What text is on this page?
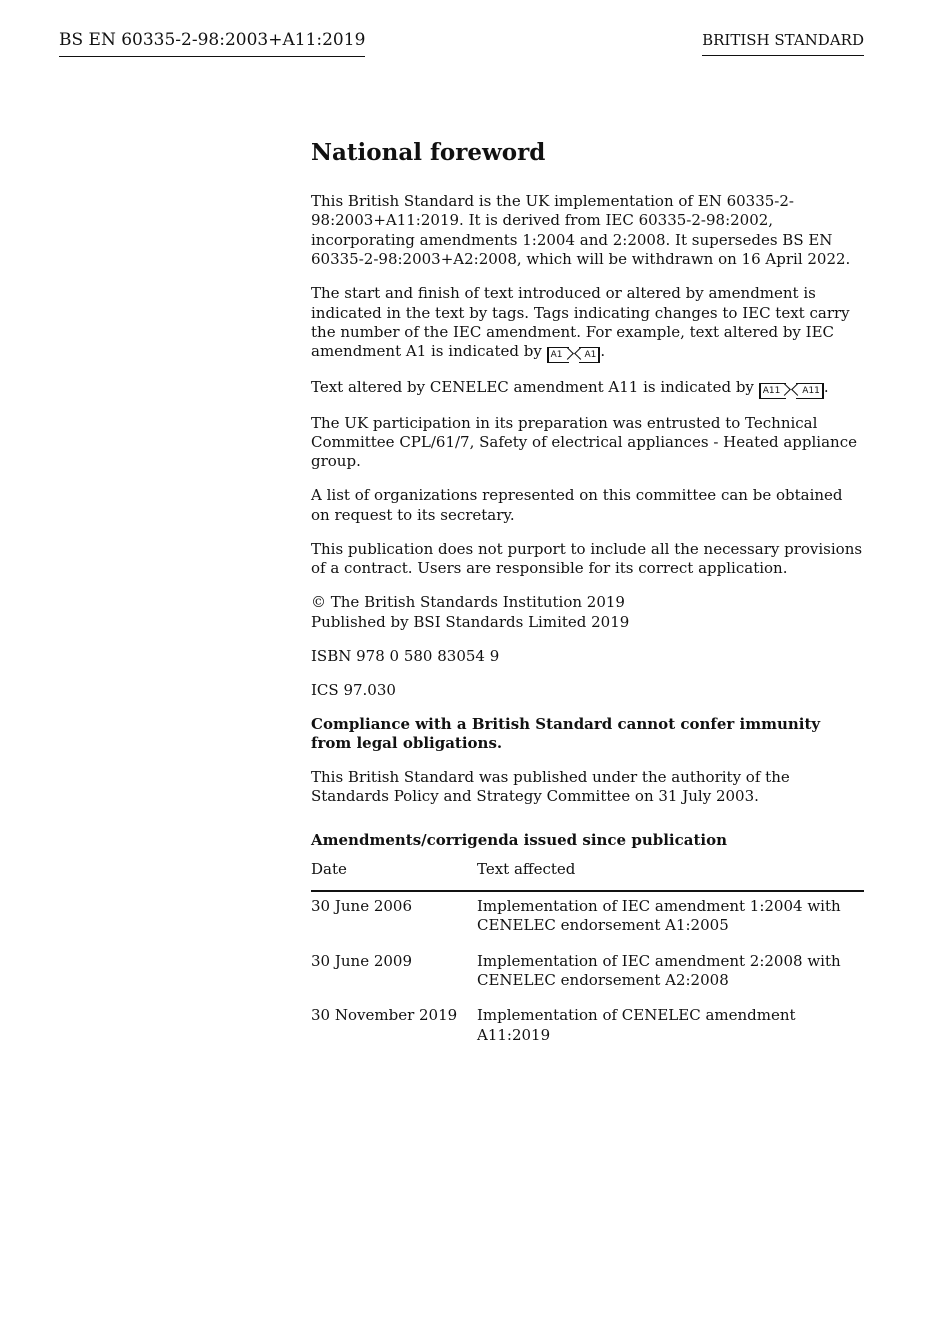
BS EN 60335-2-98:2003+A11:2019	BRITISH STANDARD
National foreword

This British Standard is the UK implementation of EN 60335-2-98:2003+A11:2019. It is derived from IEC 60335-2-98:2002, incorporating amendments 1:2004 and 2:2008. It supersedes BS EN 60335-2-98:2003+A2:2008, which will be withdrawn on 16 April 2022.

The start and finish of text introduced or altered by amendment is indicated in the text by tags. Tags indicating changes to IEC text carry the number of the IEC amendment. For example, text altered by IEC amendment A1 is indicated by A1 A1 .

Text altered by CENELEC amendment A11 is indicated by A11 A11 .

The UK participation in its preparation was entrusted to Technical Committee CPL/61/7, Safety of electrical appliances - Heated appliance group.

A list of organizations represented on this committee can be obtained on request to its secretary.

This publication does not purport to include all the necessary provisions of a contract. Users are responsible for its correct application.

© The British Standards Institution 2019
Published by BSI Standards Limited 2019

ISBN 978 0 580 83054 9

ICS 97.030

Compliance with a British Standard cannot confer immunity from legal obligations.

This British Standard was published under the authority of the Standards Policy and Strategy Committee on 31 July 2003.

Amendments/corrigenda issued since publication
Date	Text affected
30 June 2006	Implementation of IEC amendment 1:2004 with CENELEC endorsement A1:2005
30 June 2009	Implementation of IEC amendment 2:2008 with CENELEC endorsement A2:2008
30 November 2019	Implementation of CENELEC amendment A11:2019
